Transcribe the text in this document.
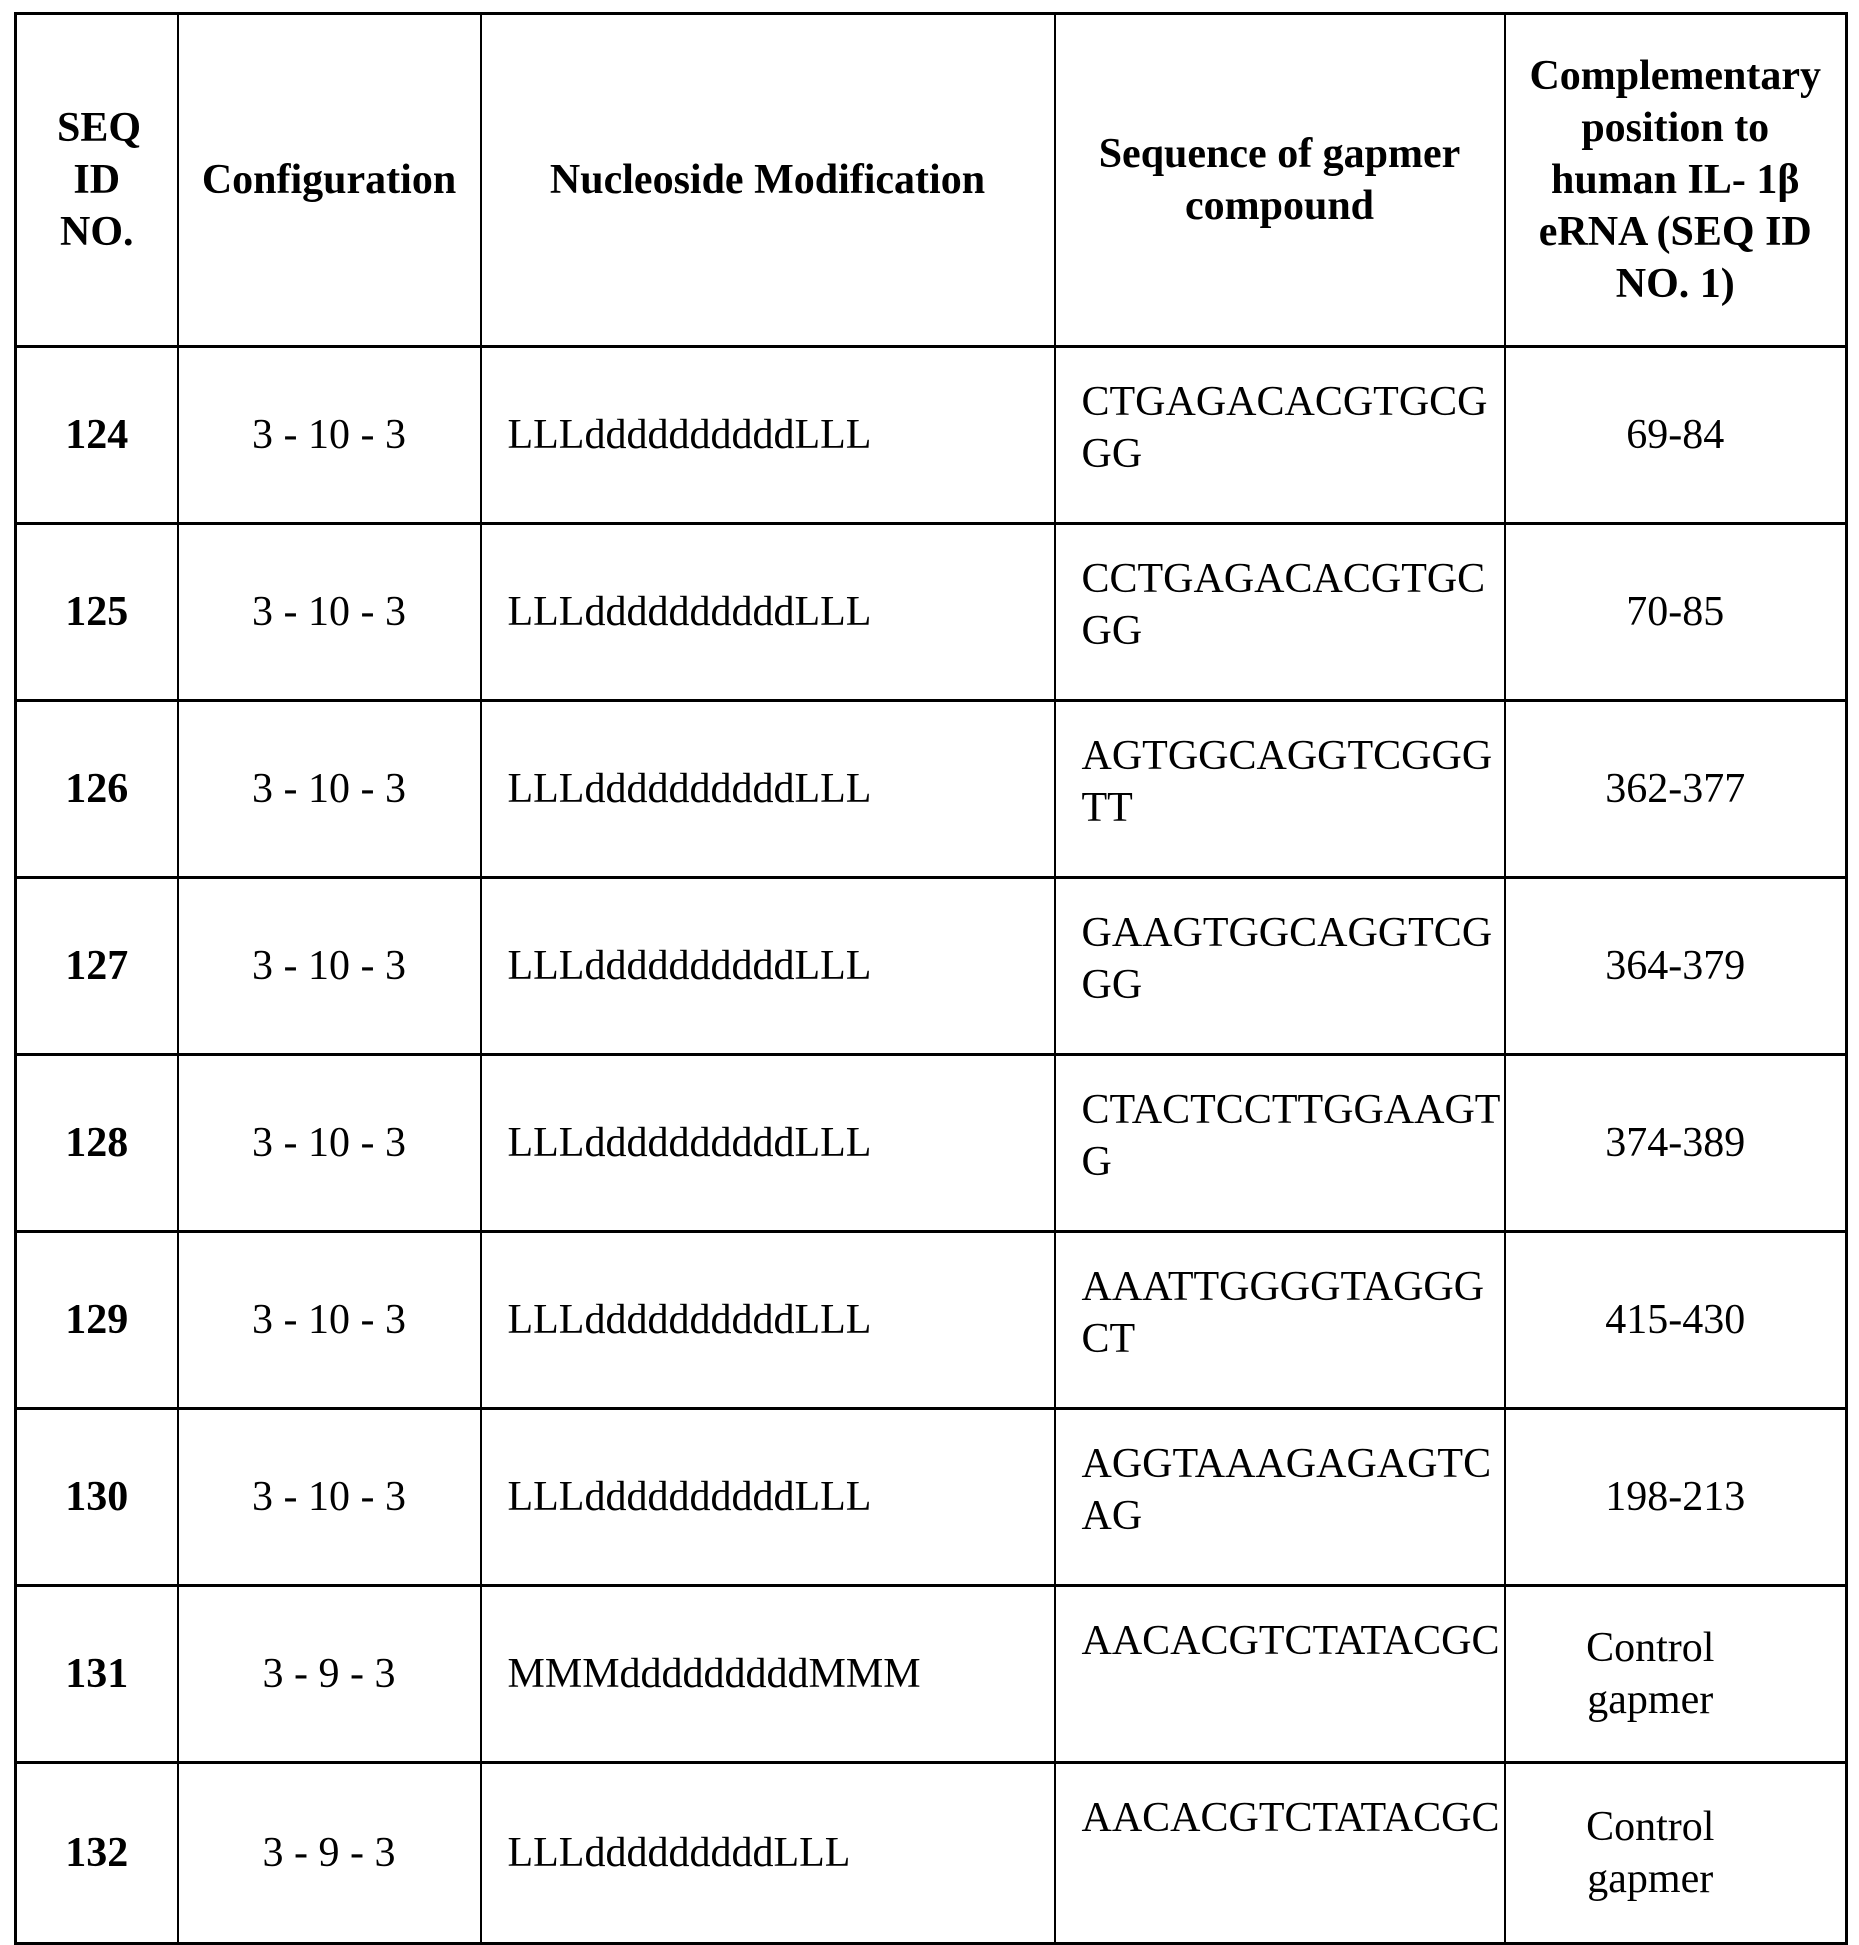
SEQ ID NO.	Configuration	Nucleoside Modification	Sequence of gapmer compound	Complementary position to human IL- 1β eRNA (SEQ ID NO. 1)
124	3 - 10 - 3	LLLddddddddddLLL	CTGAGACACGTGCGGG	69-84
125	3 - 10 - 3	LLLddddddddddLLL	CCTGAGACACGTGCGG	70-85
126	3 - 10 - 3	LLLddddddddddLLL	AGTGGCAGGTCGGGTT	362-377
127	3 - 10 - 3	LLLddddddddddLLL	GAAGTGGCAGGTCGGG	364-379
128	3 - 10 - 3	LLLddddddddddLLL	CTACTCCTTGGAAGTG	374-389
129	3 - 10 - 3	LLLddddddddddLLL	AAATTGGGGTAGGGCT	415-430
130	3 - 10 - 3	LLLddddddddddLLL	AGGTAAAGAGAGTCAG	198-213
131	3 - 9 - 3	MMMdddddddddMMM	AACACGTCTATACGC	Control gapmer
132	3 - 9 - 3	LLLdddddddddLLL	AACACGTCTATACGC	Control gapmer
